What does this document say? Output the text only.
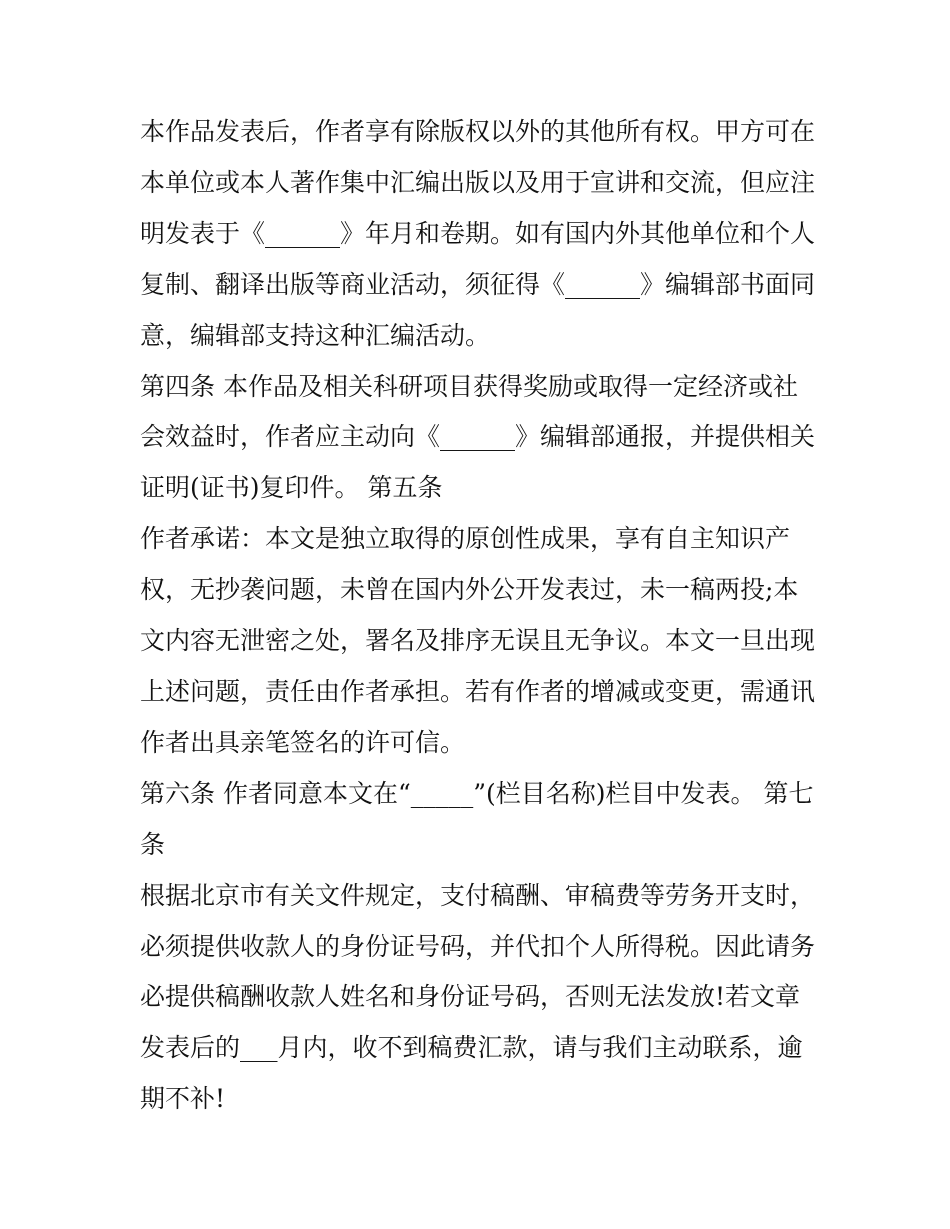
本作品发表后，作者享有除版权以外的其他所有权。甲方可在
本单位或本人著作集中汇编出版以及用于宣讲和交流，但应注
明发表于《______》年月和卷期。如有国内外其他单位和个人
复制、翻译出版等商业活动，须征得《______》编辑部书面同
意，编辑部支持这种汇编活动。
第四条 本作品及相关科研项目获得奖励或取得一定经济或社
会效益时，作者应主动向《______》编辑部通报，并提供相关
证明(证书)复印件。 第五条
作者承诺：本文是独立取得的原创性成果，享有自主知识产
权，无抄袭问题，未曾在国内外公开发表过，未一稿两投;本
文内容无泄密之处，署名及排序无误且无争议。本文一旦出现
上述问题，责任由作者承担。若有作者的增减或变更，需通讯
作者出具亲笔签名的许可信。
第六条 作者同意本文在“_____”(栏目名称)栏目中发表。 第七
条
根据北京市有关文件规定，支付稿酬、审稿费等劳务开支时，
必须提供收款人的身份证号码，并代扣个人所得税。因此请务
必提供稿酬收款人姓名和身份证号码，否则无法发放!若文章
发表后的___月内，收不到稿费汇款，请与我们主动联系，逾
期不补!
